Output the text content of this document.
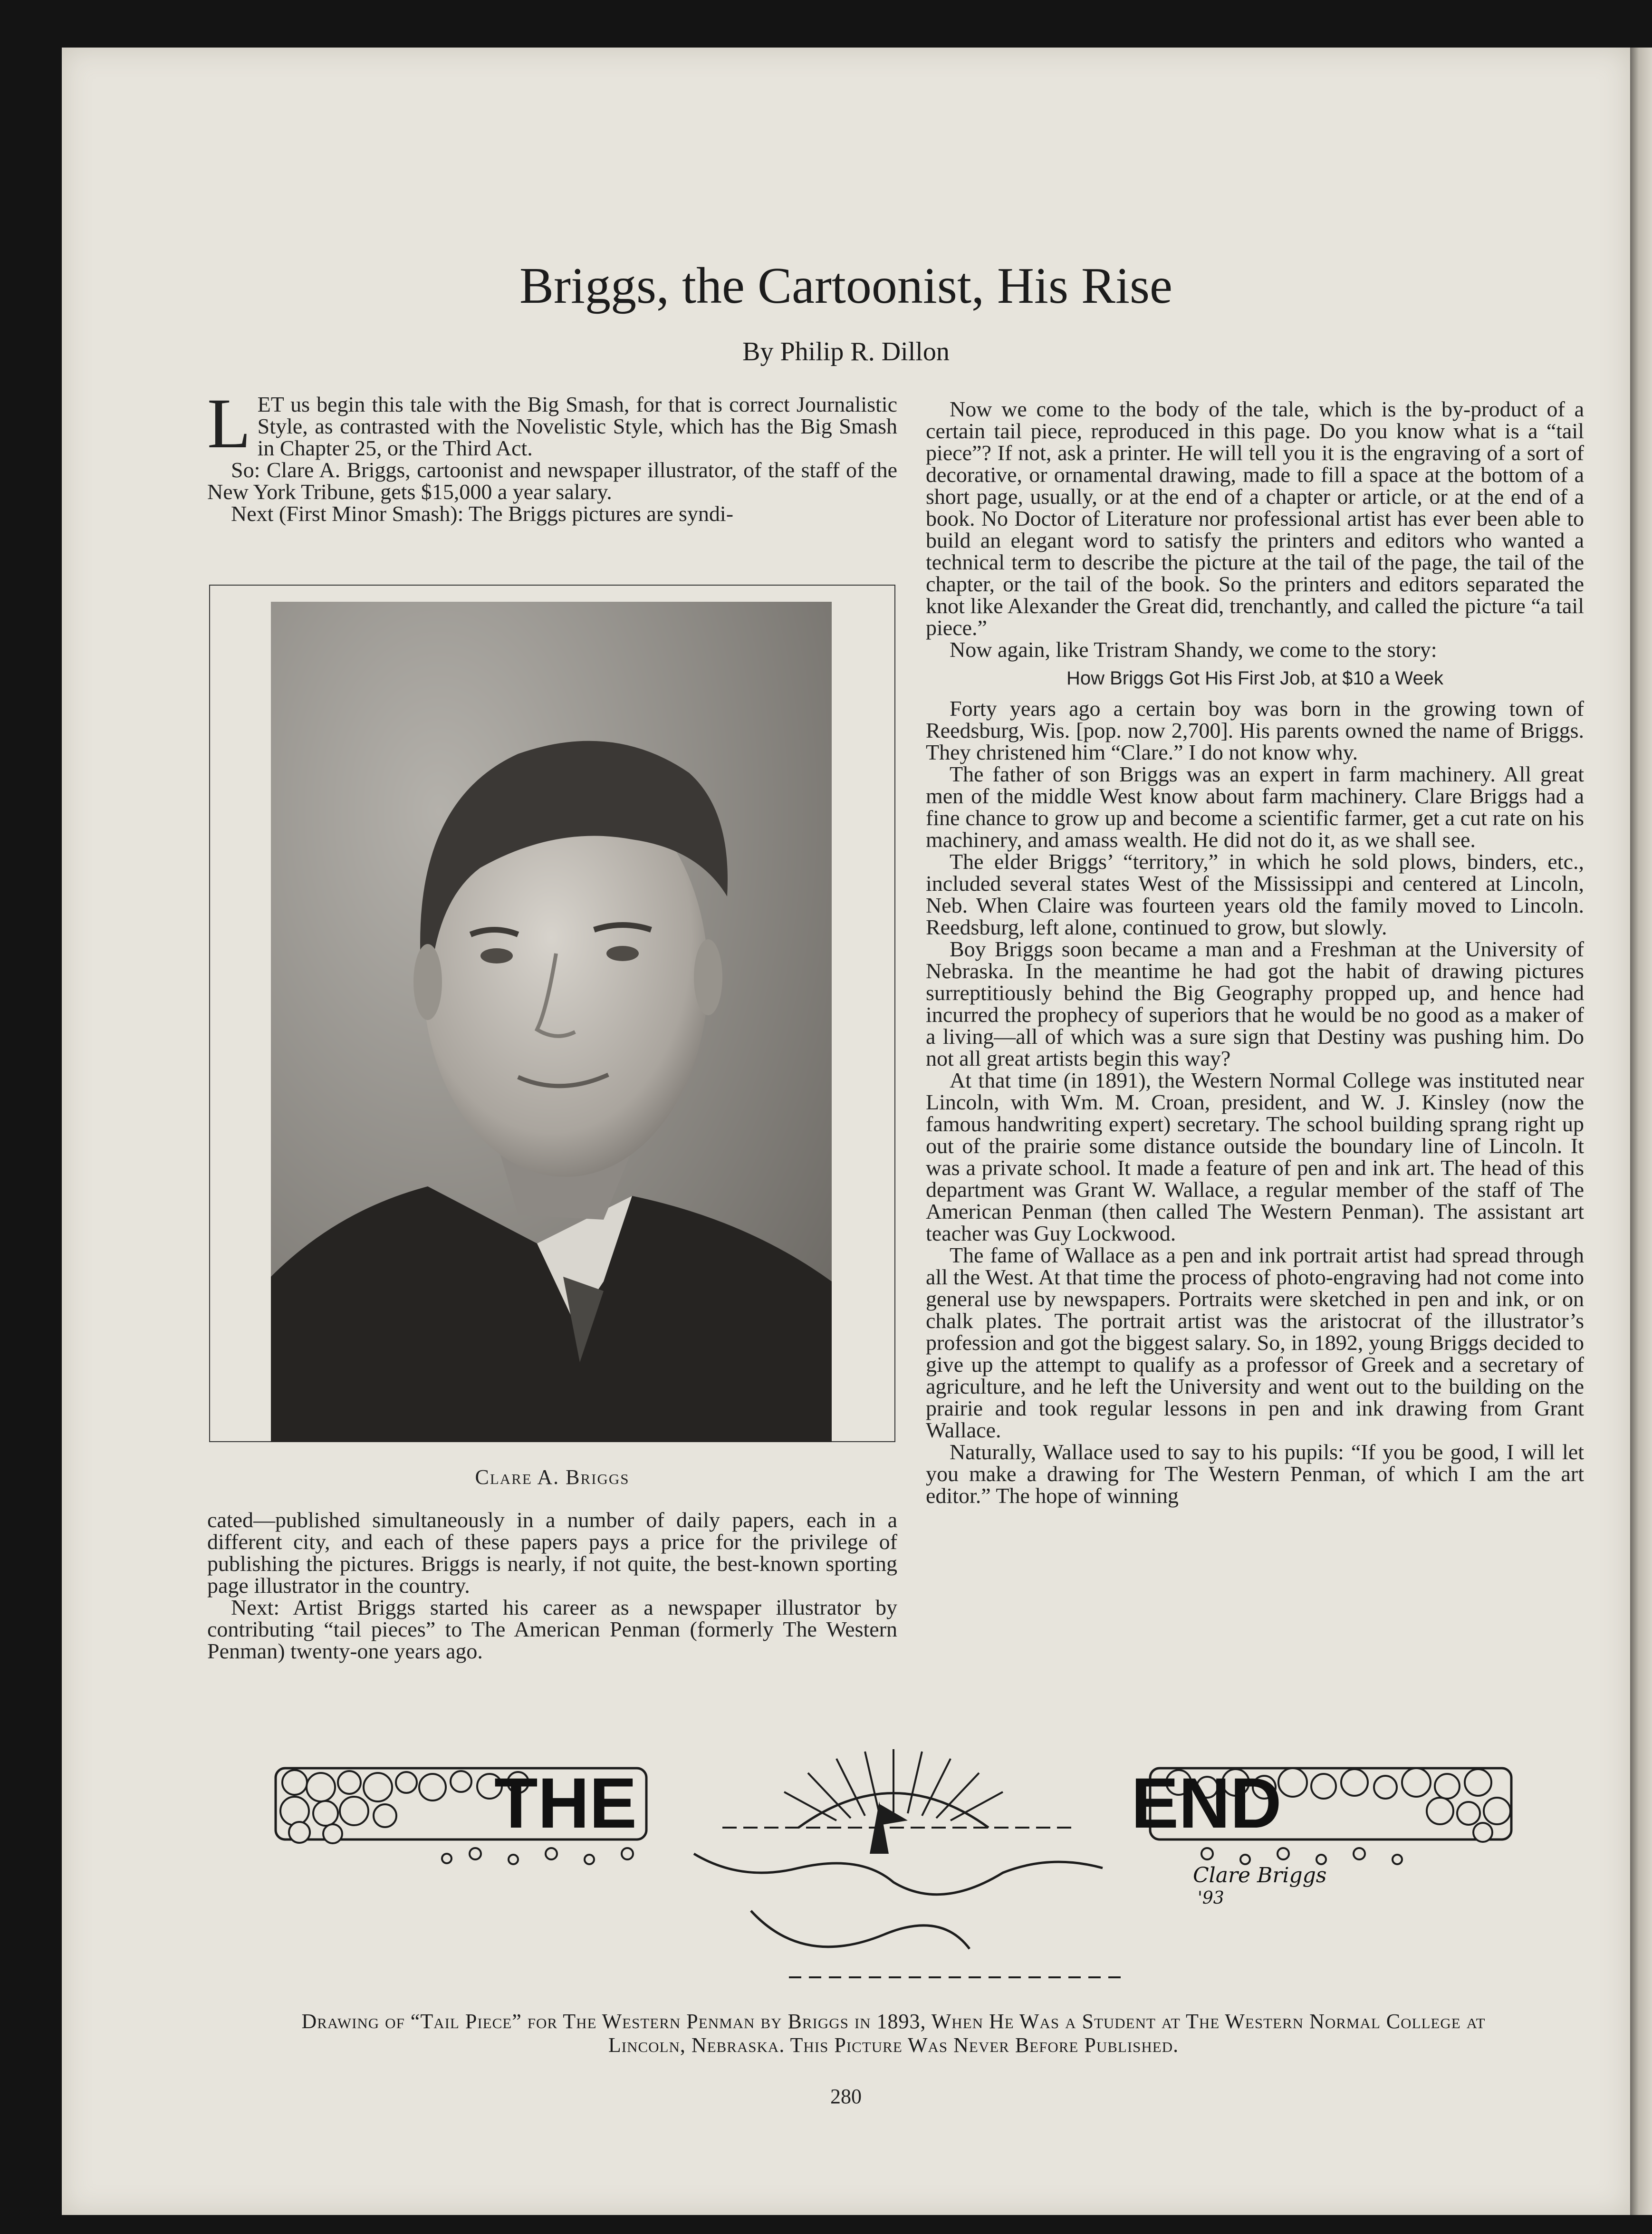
Briggs, the Cartoonist, His Rise
By Philip R. Dillon

LET us begin this tale with the Big Smash, for that is correct Journalistic Style, as contrasted with the Novelistic Style, which has the Big Smash in Chapter 25, or the Third Act.

So: Clare A. Briggs, cartoonist and newspaper illustrator, of the staff of the New York Tribune, gets $15,000 a year salary.

Next (First Minor Smash): The Briggs pictures are syndi-

Clare A. Briggs

cated—published simultaneously in a number of daily papers, each in a different city, and each of these papers pays a price for the privilege of publishing the pictures. Briggs is nearly, if not quite, the best-known sporting page illustrator in the country.

Next: Artist Briggs started his career as a newspaper illustrator by contributing “tail pieces” to The American Penman (formerly The Western Penman) twenty-one years ago.

Now we come to the body of the tale, which is the by-product of a certain tail piece, reproduced in this page. Do you know what is a “tail piece”? If not, ask a printer. He will tell you it is the engraving of a sort of decorative, or ornamental drawing, made to fill a space at the bottom of a short page, usually, or at the end of a chapter or article, or at the end of a book. No Doctor of Literature nor professional artist has ever been able to build an elegant word to satisfy the printers and editors who wanted a technical term to describe the picture at the tail of the page, the tail of the chapter, or the tail of the book. So the printers and editors separated the knot like Alexander the Great did, trenchantly, and called the picture “a tail piece.”

Now again, like Tristram Shandy, we come to the story:

How Briggs Got His First Job, at $10 a Week

Forty years ago a certain boy was born in the growing town of Reedsburg, Wis. [pop. now 2,700]. His parents owned the name of Briggs. They christened him “Clare.” I do not know why.

The father of son Briggs was an expert in farm machinery. All great men of the middle West know about farm machinery. Clare Briggs had a fine chance to grow up and become a scientific farmer, get a cut rate on his machinery, and amass wealth. He did not do it, as we shall see.

The elder Briggs’ “territory,” in which he sold plows, binders, etc., included several states West of the Mississippi and centered at Lincoln, Neb. When Claire was fourteen years old the family moved to Lincoln. Reedsburg, left alone, continued to grow, but slowly.

Boy Briggs soon became a man and a Freshman at the University of Nebraska. In the meantime he had got the habit of drawing pictures surreptitiously behind the Big Geography propped up, and hence had incurred the prophecy of superiors that he would be no good as a maker of a living—all of which was a sure sign that Destiny was pushing him. Do not all great artists begin this way?

At that time (in 1891), the Western Normal College was instituted near Lincoln, with Wm. M. Croan, president, and W. J. Kinsley (now the famous handwriting expert) secretary. The school building sprang right up out of the prairie some distance outside the boundary line of Lincoln. It was a private school. It made a feature of pen and ink art. The head of this department was Grant W. Wallace, a regular member of the staff of The American Penman (then called The Western Penman). The assistant art teacher was Guy Lockwood.

The fame of Wallace as a pen and ink portrait artist had spread through all the West. At that time the process of photo-engraving had not come into general use by newspapers. Portraits were sketched in pen and ink, or on chalk plates. The portrait artist was the aristocrat of the illustrator’s profession and got the biggest salary. So, in 1892, young Briggs decided to give up the attempt to qualify as a professor of Greek and a secretary of agriculture, and he left the University and went out to the building on the prairie and took regular lessons in pen and ink drawing from Grant Wallace.

Naturally, Wallace used to say to his pupils: “If you be good, I will let you make a drawing for The Western Penman, of which I am the art editor.” The hope of winning

THE	END
Clare Briggs
'93
Drawing of “Tail Piece” for The Western Penman by Briggs in 1893, When He Was a Student at The Western Normal College at Lincoln, Nebraska. This Picture Was Never Before Published.
280
